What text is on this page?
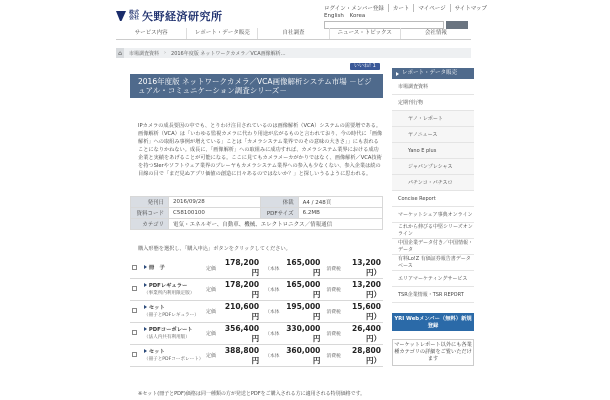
株式会社 矢野経済研究所
ログイン・メンバー登録	カート	マイページ	サイトマップ
English Korea
サービス内容	レポート・データ販売	自社調査	ニュース・トピックス	会社情報
⌂	市場調査資料	›	2016年度版 ネットワークカメラ／VCA画像解析…
いいね! 1
2016年度版 ネットワークカメラ／VCA画像解析システム市場 －ビジュアル・コミュニケーション調査シリーズ－
IPカメラの成長要因の中でも、とりわけ注目されているのは画像解析（VCA）システムの需要増である。画像解析（VCA）は「いわゆる監視カメラに代わり用途が広がるものと言われており、今の時代に「画像解析」への取組み事例が増えている」ことは「カメラシステム業界でのその意味の大きさ」」にも表れることになりかねない。成長に、「画像解析」への取組みに成功すれば、カメラシステム業界における成功企業と実績をあげることが可能になる。ここに見てもカメラメーカがかりではなく、画像解析／VCA技術を持つSIerやソフトウェア業界のプレーヤもカメラシステム業界への参入も少なくない、参入企業は続の目線の目で「まだ見ぬアプリ価値の創造に日々あるのではないか？」と探しいうるように思われる。
発刊日	2016/09/28	体裁	A4 / 248頁
資料コード	C58100100	PDFサイズ	6.2MB
カテゴリ	電気・エネルギー、自動車、機械、エレクトロニクス／情報通信		
購入形態を選択し、「購入申込」ボタンをクリックしてください。
	冊　子	定価	178,200円	（本体	165,000円	消費税	13,200円）
	PDFレギュラー
（事業所内利用限定版）	定価	178,200円	（本体	165,000円	消費税	13,200円）
	セット
（冊子とPDFレギュラー）	定価	210,600円	（本体	195,000円	消費税	15,600円）
	PDFコーポレート
（法人内共有利用版）	定価	356,400円	（本体	330,000円	消費税	26,400円）
	セット
（冊子とPDFコーポレート）	定価	388,800円	（本体	360,000円	消費税	28,800円）
※セット(冊子とPDF)価格は同一種類の方が発送とPDFをご購入される方に適用される特別価格です。
レポート・データ販売
市場調査資料
定期刊行物
ヤノ・レポート
ヤノニュース
Yano E plus
ジャパンプレシャス
パチンコ・パチスロ
Concise Report
マーケットシェア事典オンライン
これから伸びる中堅シリーズオンライン
中国企業データ付き／中国情報・データ
有料Lo!Z 有価証券報告書データベース
エリアマーケティングサービス
TSR企業情報・TSR REPORT
YRI Webメンバー（無料）新規登録
マーケットレポート以外にも各業種カテゴリの詳細をご覧いただけます
